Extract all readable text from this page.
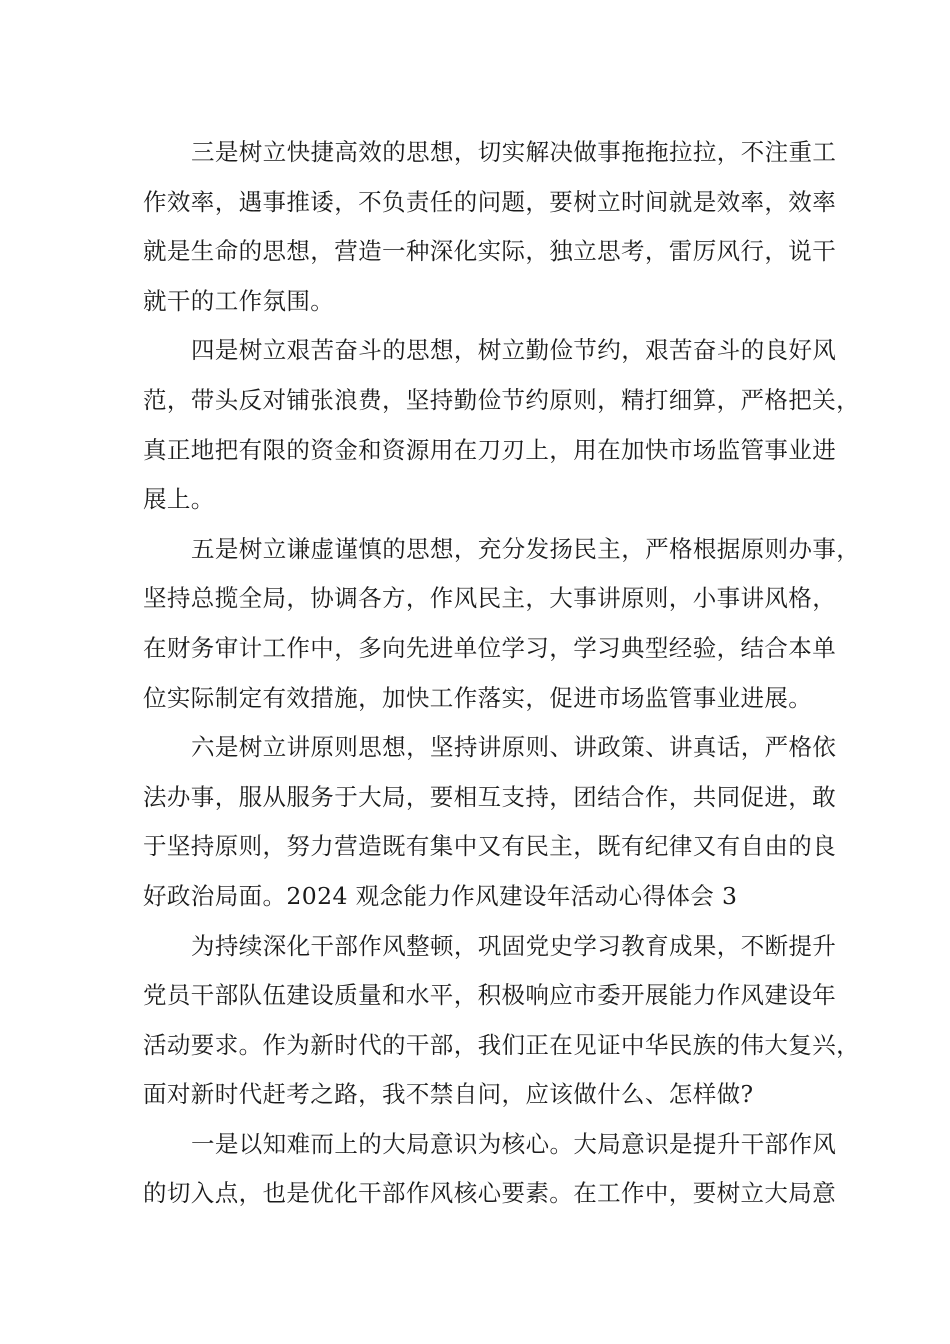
三是树立快捷高效的思想，切实解决做事拖拖拉拉，不注重工
作效率，遇事推诿，不负责任的问题，要树立时间就是效率，效率
就是生命的思想，营造一种深化实际，独立思考，雷厉风行，说干
就干的工作氛围。
四是树立艰苦奋斗的思想，树立勤俭节约，艰苦奋斗的良好风
范，带头反对铺张浪费，坚持勤俭节约原则，精打细算，严格把关，
真正地把有限的资金和资源用在刀刃上，用在加快市场监管事业进
展上。
五是树立谦虚谨慎的思想，充分发扬民主，严格根据原则办事，
坚持总揽全局，协调各方，作风民主，大事讲原则，小事讲风格，
在财务审计工作中，多向先进单位学习，学习典型经验，结合本单
位实际制定有效措施，加快工作落实，促进市场监管事业进展。
六是树立讲原则思想，坚持讲原则、讲政策、讲真话，严格依
法办事，服从服务于大局，要相互支持，团结合作，共同促进，敢
于坚持原则，努力营造既有集中又有民主，既有纪律又有自由的良
好政治局面。2024 观念能力作风建设年活动心得体会 3
为持续深化干部作风整顿，巩固党史学习教育成果，不断提升
党员干部队伍建设质量和水平，积极响应市委开展能力作风建设年
活动要求。作为新时代的干部，我们正在见证中华民族的伟大复兴，
面对新时代赶考之路，我不禁自问，应该做什么、怎样做?
一是以知难而上的大局意识为核心。大局意识是提升干部作风
的切入点，也是优化干部作风核心要素。在工作中，要树立大局意
